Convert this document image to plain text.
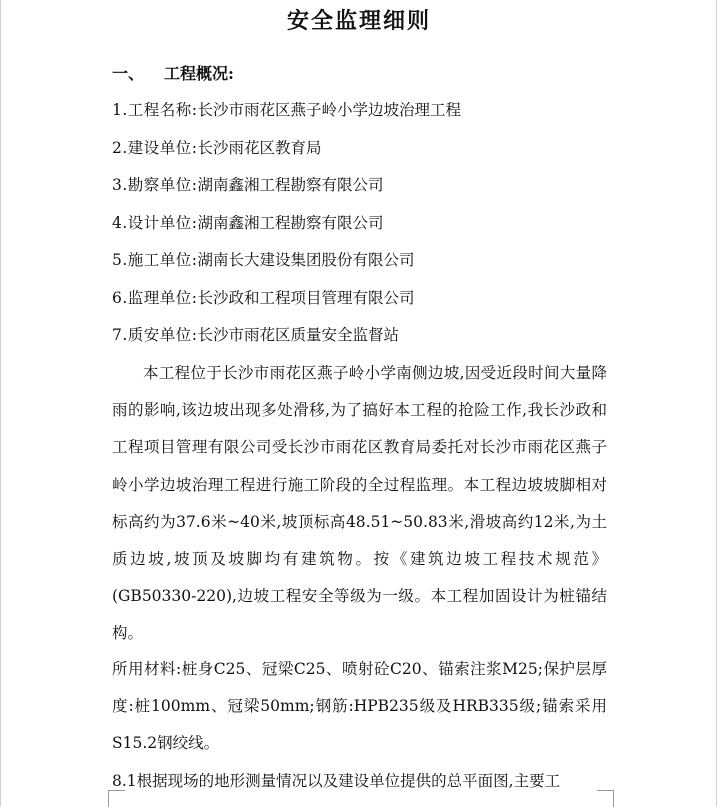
安全监理细则
一、 工程概况:
1.工程名称:长沙市雨花区燕子岭小学边坡治理工程
2.建设单位:长沙雨花区教育局
3.勘察单位:湖南鑫湘工程勘察有限公司
4.设计单位:湖南鑫湘工程勘察有限公司
5.施工单位:湖南长大建设集团股份有限公司
6.监理单位:长沙政和工程项目管理有限公司
7.质安单位:长沙市雨花区质量安全监督站

本工程位于长沙市雨花区燕子岭小学南侧边坡,因受近段时间大量降雨的影响,该边坡出现多处滑移,为了搞好本工程的抢险工作,我长沙政和工程项目管理有限公司受长沙市雨花区教育局委托对长沙市雨花区燕子岭小学边坡治理工程进行施工阶段的全过程监理。本工程边坡坡脚相对标高约为37.6米~40米,坡顶标高48.51~50.83米,滑坡高约12米,为土质边坡,坡顶及坡脚均有建筑物。按《建筑边坡工程技术规范》(GB50330-220),边坡工程安全等级为一级。本工程加固设计为桩锚结构。

所用材料:桩身C25、冠梁C25、喷射砼C20、锚索注浆M25;保护层厚度:桩100mm、冠梁50mm;钢筋:HPB235级及HRB335级;锚索采用S15.2钢绞线。

8.1根据现场的地形测量情况以及建设单位提供的总平面图,主要工
